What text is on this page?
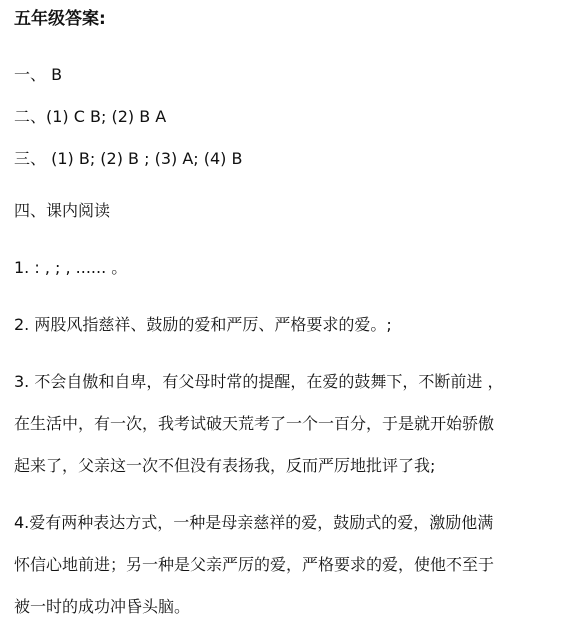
五年级答案:
一、 B
二、(1) C B; (2) B A
三、 (1) B; (2) B ; (3) A; (4) B
四、课内阅读
1. : , ; , ...... 。
2. 两股风指慈祥、鼓励的爱和严厉、严格要求的爱。;
3. 不会自傲和自卑，有父母时常的提醒，在爱的鼓舞下，不断前进 ，
在生活中，有一次，我考试破天荒考了一个一百分，于是就开始骄傲
起来了，父亲这一次不但没有表扬我，反而严厉地批评了我;
4.爱有两种表达方式，一种是母亲慈祥的爱，鼓励式的爱，激励他满
怀信心地前进；另一种是父亲严厉的爱，严格要求的爱，使他不至于
被一时的成功冲昏头脑。
